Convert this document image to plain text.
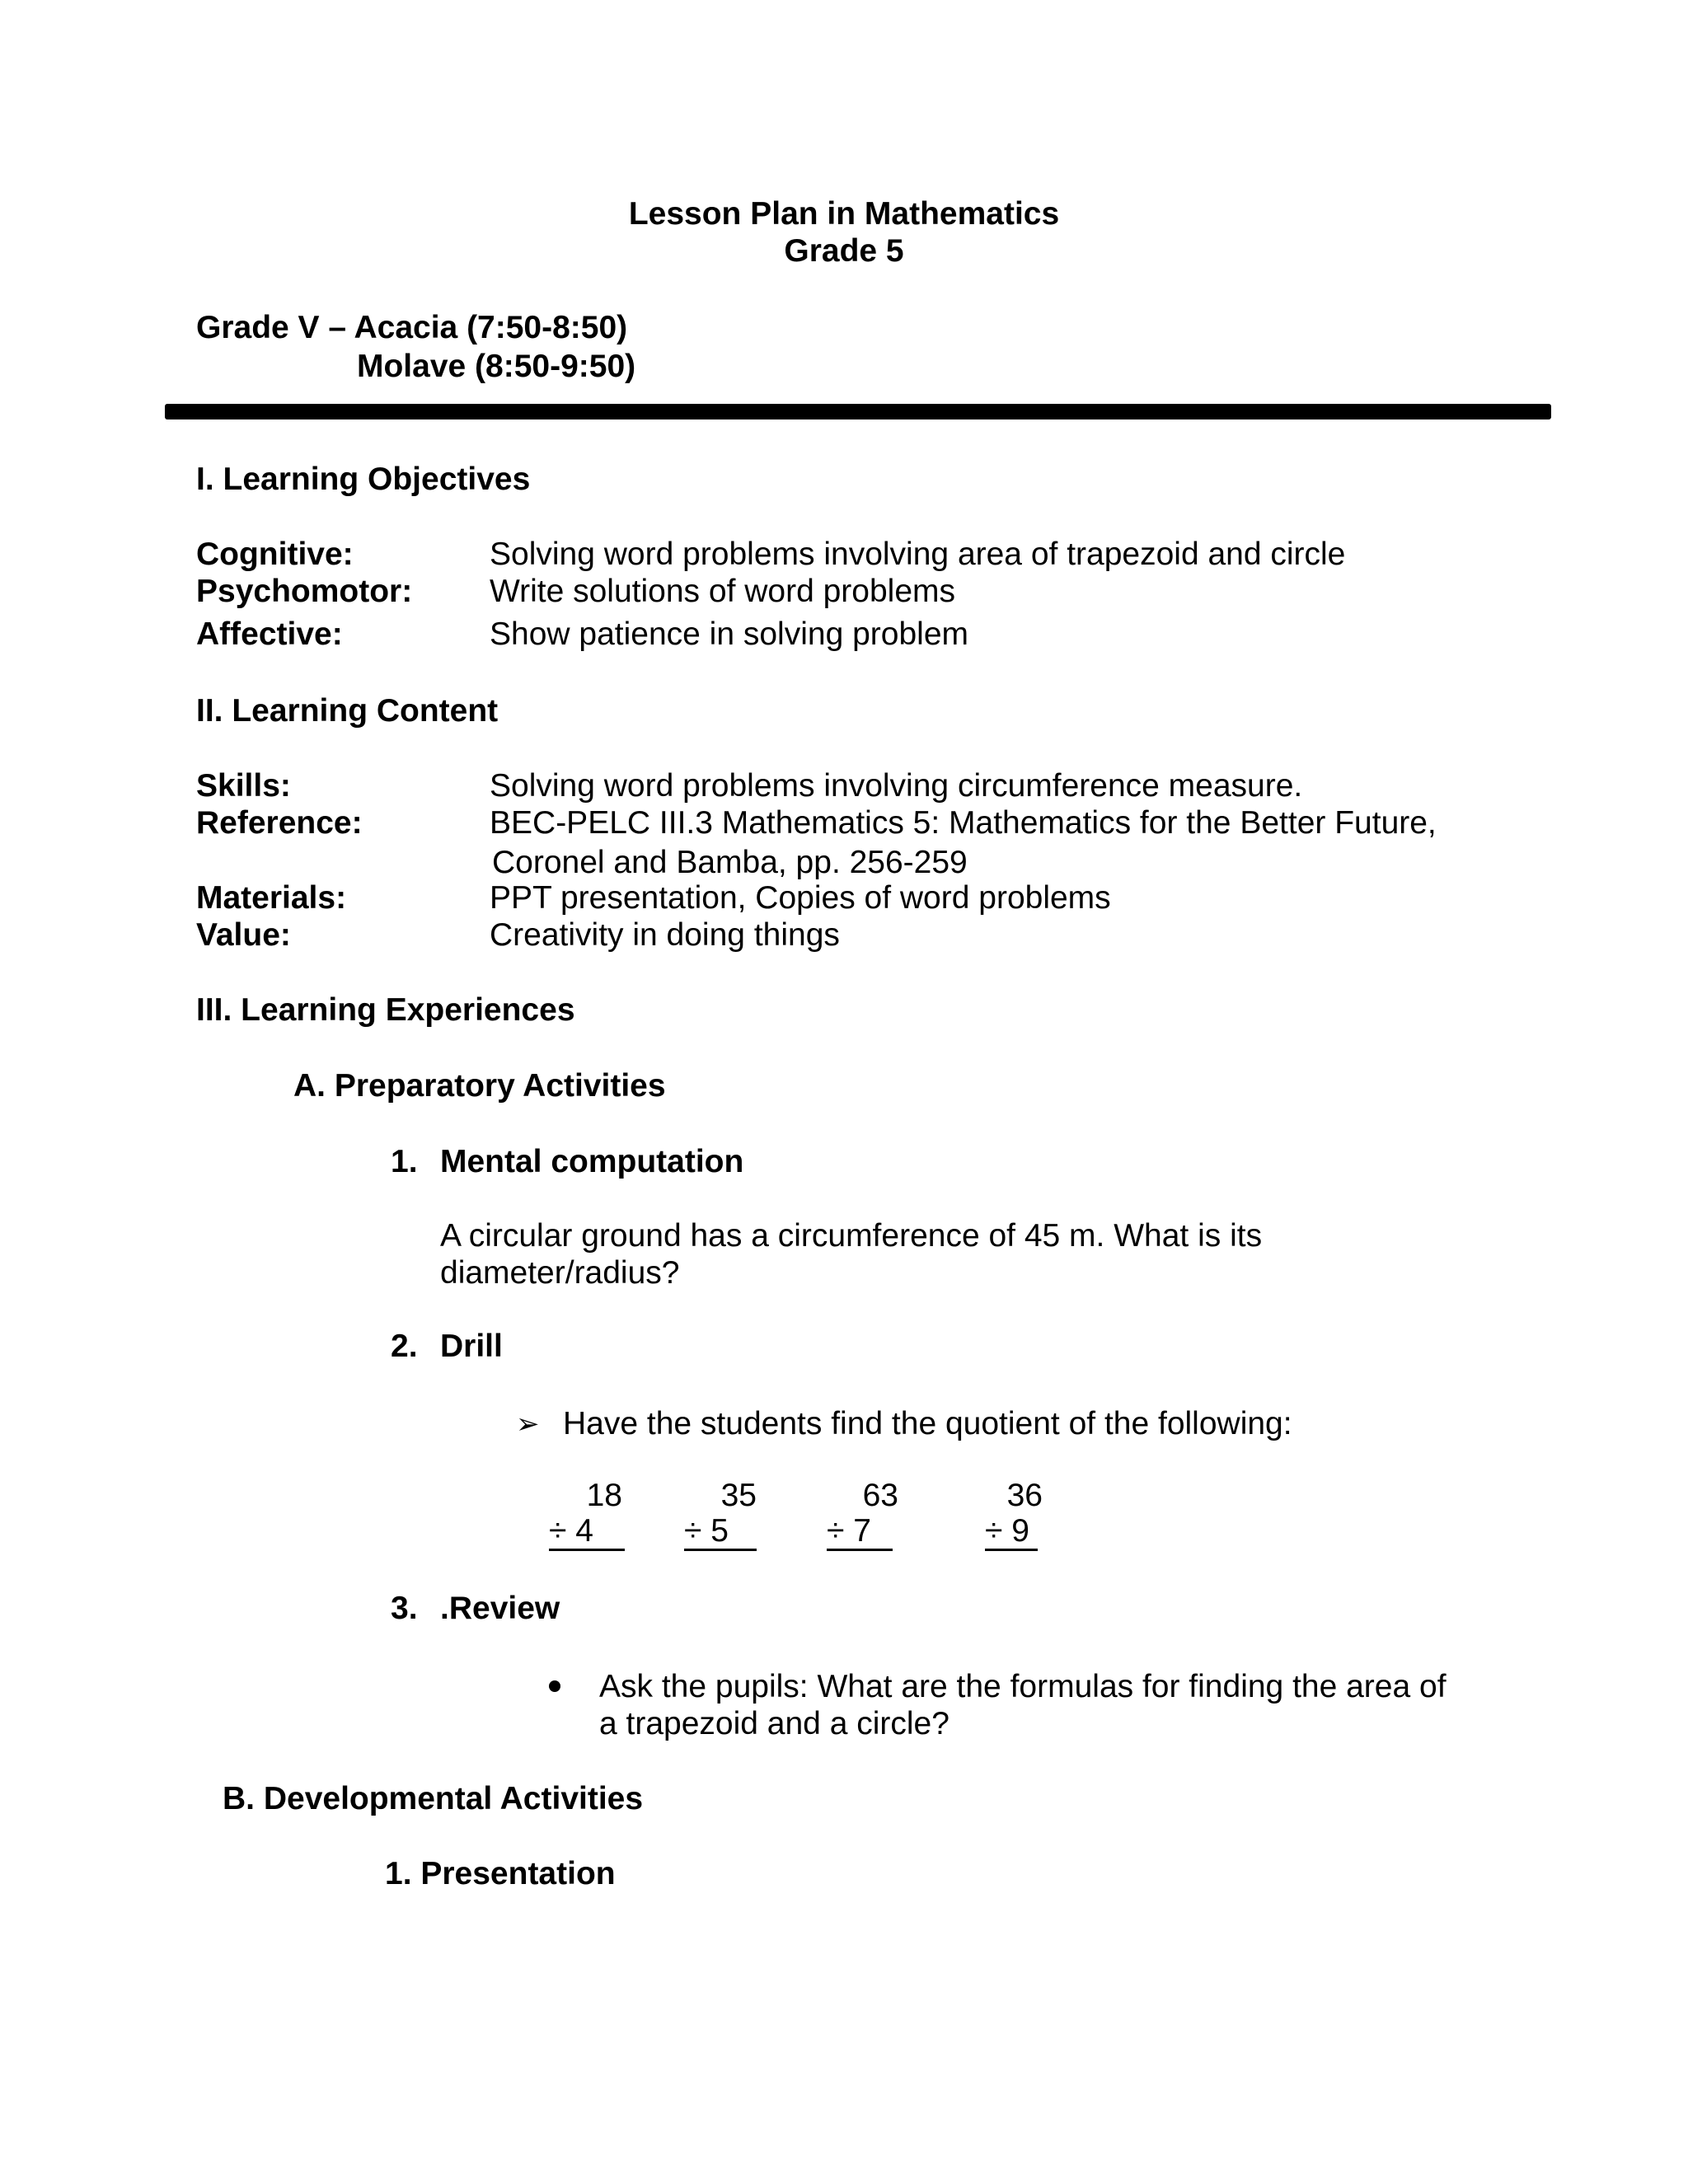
Lesson Plan in Mathematics
Grade 5
Grade V – Acacia (7:50-8:50)
Molave (8:50-9:50)
I. Learning Objectives
Cognitive:	Solving word problems involving area of trapezoid and circle
Psychomotor: Write solutions of word problems
Affective:	Show patience in solving problem
II. Learning Content
Skills:	Solving word problems involving circumference measure.
Reference:	BEC-PELC III.3 Mathematics 5: Mathematics for the Better Future,
Coronel and Bamba, pp. 256-259
Materials:	PPT presentation, Copies of word problems
Value:	Creativity in doing things
III. Learning Experiences
A. Preparatory Activities
1. Mental computation
A circular ground has a circumference of 45 m. What is its
diameter/radius?
2. Drill
➢ Have the students find the quotient of the following:
18
÷ 4
35
÷ 5
63
÷ 7
36
÷ 9
3. .Review
Ask the pupils: What are the formulas for finding the area of
a trapezoid and a circle?
B. Developmental Activities
1. Presentation
